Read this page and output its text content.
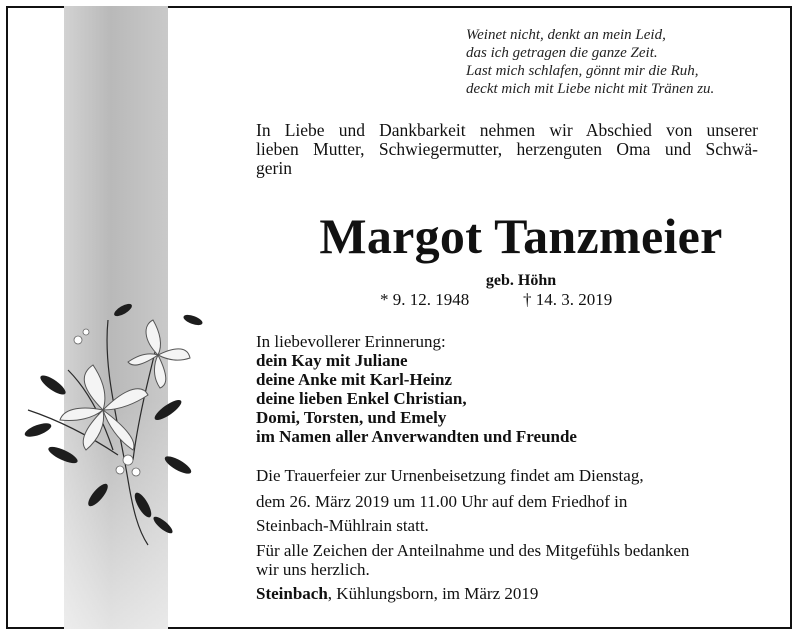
Weinet nicht, denkt an mein Leid,
das ich getragen die ganze Zeit.
Last mich schlafen, gönnt mir die Ruh,
deckt mich mit Liebe nicht mit Tränen zu.
In Liebe und Dankbarkeit nehmen wir Abschied von unserer
lieben Mutter, Schwiegermutter, herzenguten Oma und Schwä-
gerin
Margot Tanzmeier
geb. Höhn
* 9. 12. 1948	† 14. 3. 2019
In liebevollerer Erinnerung:
dein Kay mit Juliane
deine Anke mit Karl-Heinz
deine lieben Enkel Christian,
Domi, Torsten, und Emely
im Namen aller Anverwandten und Freunde
Die Trauerfeier zur Urnenbeisetzung findet am Dienstag,
dem 26. März 2019 um 11.00 Uhr auf dem Friedhof in
Steinbach-Mühlrain statt.
Für alle Zeichen der Anteilnahme und des Mitgefühls bedanken
wir uns herzlich.
Steinbach, Kühlungsborn, im März 2019
